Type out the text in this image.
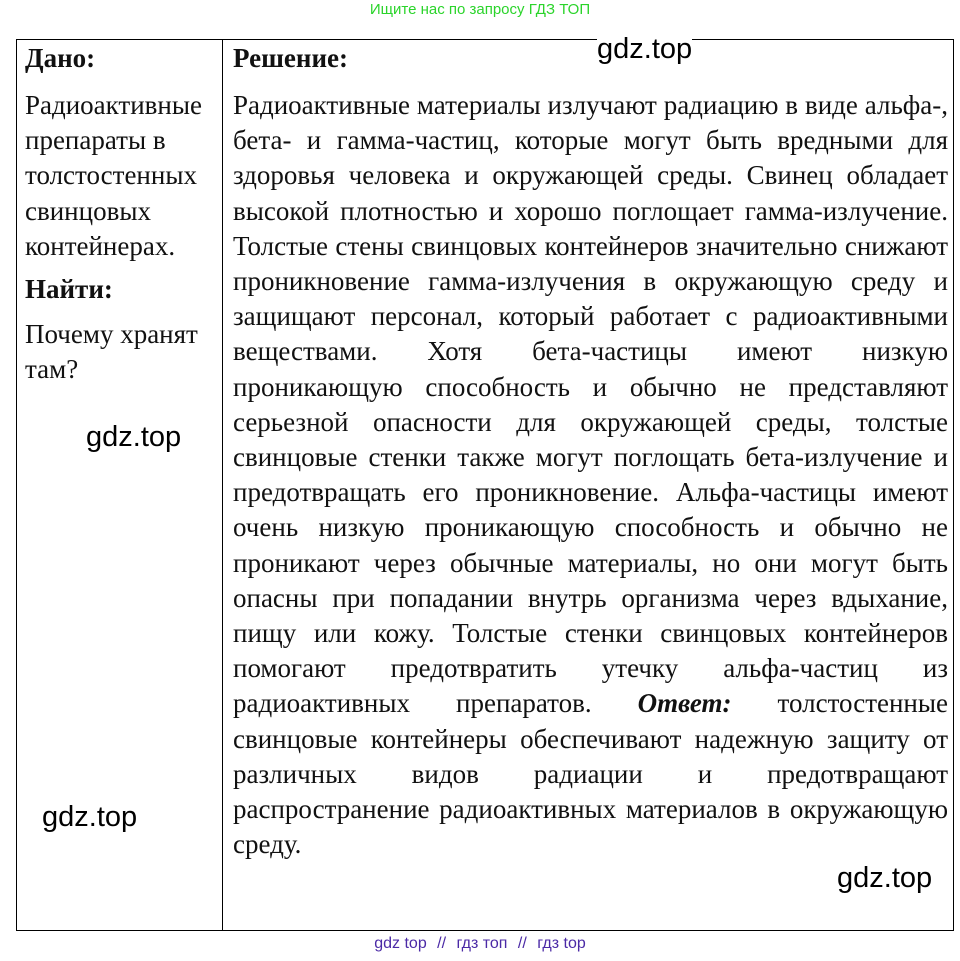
Ищите нас по запросу ГДЗ ТОП

Дано:

Радиоактивные препараты в толстостенных свинцовых контейнерах.

Найти:

Почему хранят там?

Решение:

Радиоактивные материалы излучают радиацию в виде альфа-, бета- и гамма-частиц, которые могут быть вредными для здоровья человека и окружающей среды. Свинец обладает высокой плотностью и хорошо поглощает гамма-излучение. Толстые стены свинцовых контейнеров значительно снижают проникновение гамма-излучения в окружающую среду и защищают персонал, который работает с радиоактивными веществами. Хотя бета-частицы имеют низкую проникающую способность и обычно не представляют серьезной опасности для окружающей среды, толстые свинцовые стенки также могут поглощать бета-излучение и предотвращать его проникновение. Альфа-частицы имеют очень низкую проникающую способность и обычно не проникают через обычные материалы, но они могут быть опасны при попадании внутрь организма через вдыхание, пищу или кожу. Толстые стенки свинцовых контейнеров помогают предотвратить утечку альфа-частиц из радиоактивных препаратов. Ответ: толстостенные свинцовые контейнеры обеспечивают надежную защиту от различных видов радиации и предотвращают распространение радиоактивных материалов в окружающую среду.

gdz.top
gdz.top
gdz.top
gdz.top
gdz top // гдз топ // гдз top
